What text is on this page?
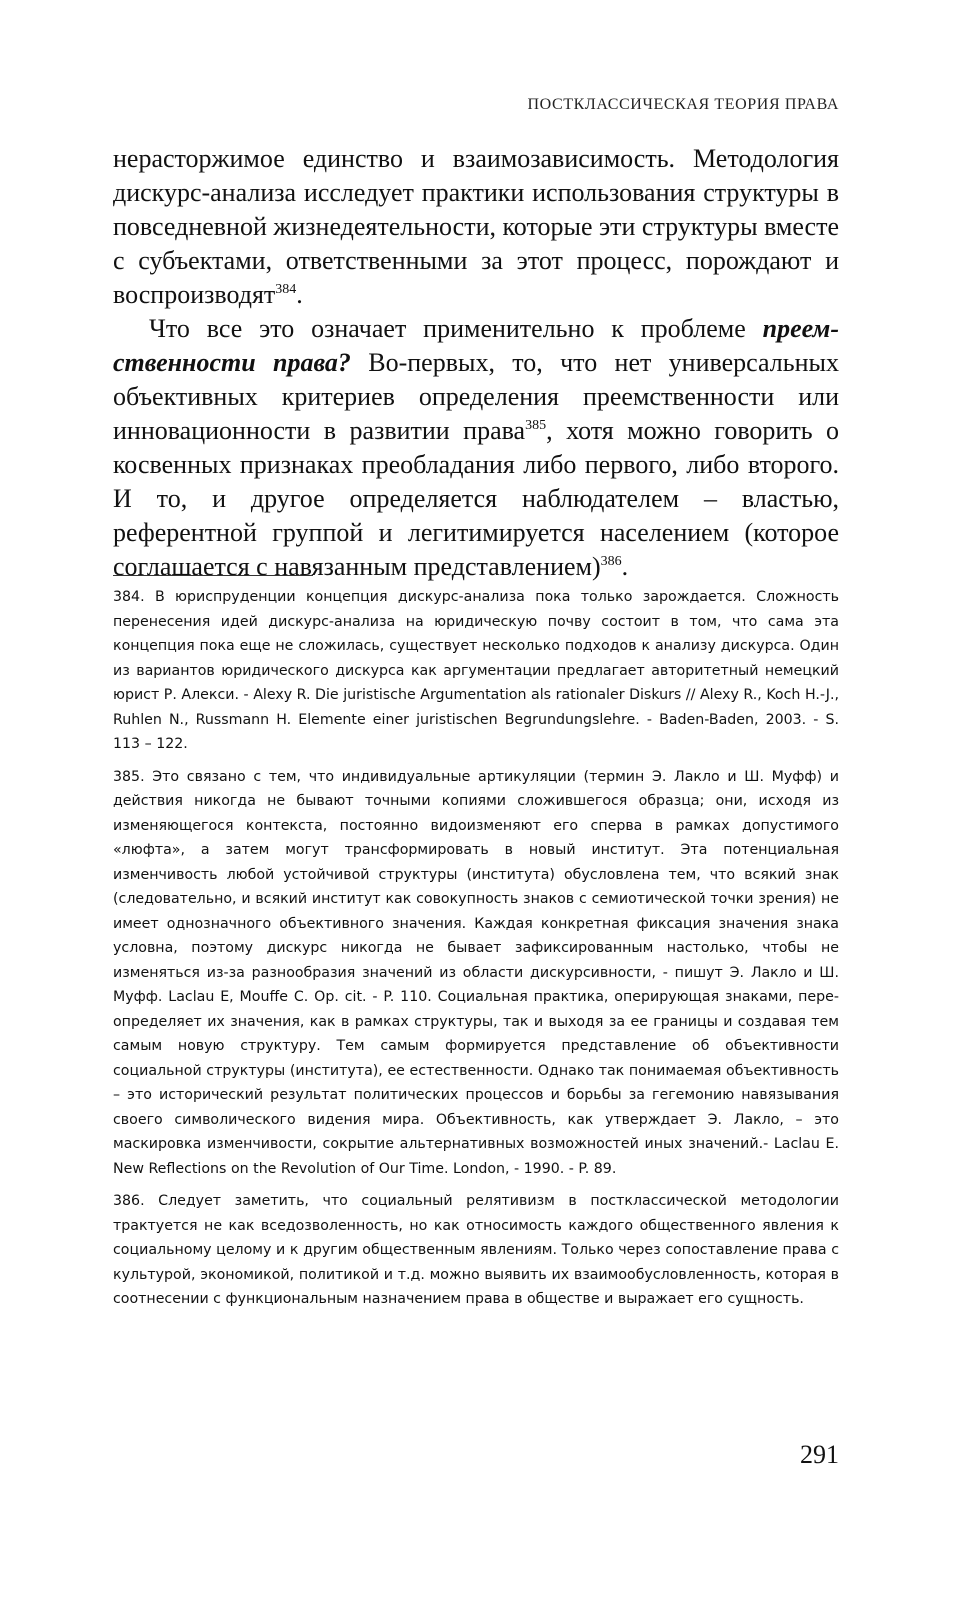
ПОСТКЛАССИЧЕСКАЯ ТЕОРИЯ ПРАВА

нерасторжимое единство и взаимозависимость. Методология дискурс-анализа исследует практики использования структуры в повседневной жизнедеятельности, которые эти структуры вместе с субъектами, ответственными за этот процесс, порождают и воспроизводят$^{384}$.

Что все это означает применительно к проблеме преемственности права? Во-первых, то, что нет универсальных объективных критериев определения преемственности или инновационности в развитии права$^{385}$, хотя можно говорить о косвенных признаках преобладания либо первого, либо второго. И то, и другое определяется наблюдателем – властью, референтной группой и легитимируется населением (которое соглашается с навязанным представлением)$^{386}$.

384. В юриспруденции концепция дискурс-анализа пока только зарождается. Сложность перенесения идей дискурс-анализа на юридическую почву состоит в том, что сама эта концепция пока еще не сложилась, существует несколько подходов к анализу дискурса. Один из вариантов юридического дискурса как аргументации предлагает авторитетный немецкий юрист Р. Алекси. - Alexy R. Die juristische Argumentation als rationaler Diskurs // Alexy R., Koch H.-J., Ruhlen N., Russmann H. Elemente einer juristischen Begrundungslehre. - Baden-Baden, 2003. - S. 113 – 122.

385. Это связано с тем, что индивидуальные артикуляции (термин Э. Лакло и Ш. Муфф) и действия никогда не бывают точными копиями сложившегося образца; они, исходя из изменяющегося контекста, постоянно видоизменяют его сперва в рамках допустимого «люфта», а затем могут трансформировать в новый институт. Эта потенциальная изменчивость любой устойчивой структуры (института) обусловлена тем, что всякий знак (следовательно, и всякий институт как совокупность знаков с семиотической точки зрения) не имеет однозначного объективного значения. Каждая конкретная фиксация значения знака условна, поэтому дискурс никогда не бывает зафиксированным настолько, чтобы не изменяться из-за разнообразия значений из области дискурсивности, - пишут Э. Лакло и Ш. Муфф. Laclau E, Mouffe C. Op. cit. - P. 110. Социальная практика, оперирующая знаками, переопределяет их значения, как в рамках структуры, так и выходя за ее границы и создавая тем самым новую структуру. Тем самым формируется представление об объективности социальной структуры (института), ее естественности. Однако так понимаемая объективность – это исторический результат политических процессов и борьбы за гегемонию навязывания своего символического видения мира. Объективность, как утверждает Э. Лакло, – это маскировка изменчивости, сокрытие альтернативных возможностей иных значений.- Laclau E. New Reflections on the Revolution of Our Time. London, - 1990. - P. 89.

386. Следует заметить, что социальный релятивизм в постклассической методологии трактуется не как вседозволенность, но как относимость каждого общественного явления к социальному целому и к другим общественным явлениям. Только через сопоставление права с культурой, экономикой, политикой и т.д. можно выявить их взаимообусловленность, которая в соотнесении с функциональным назначением права в обществе и выражает его сущность.

291
